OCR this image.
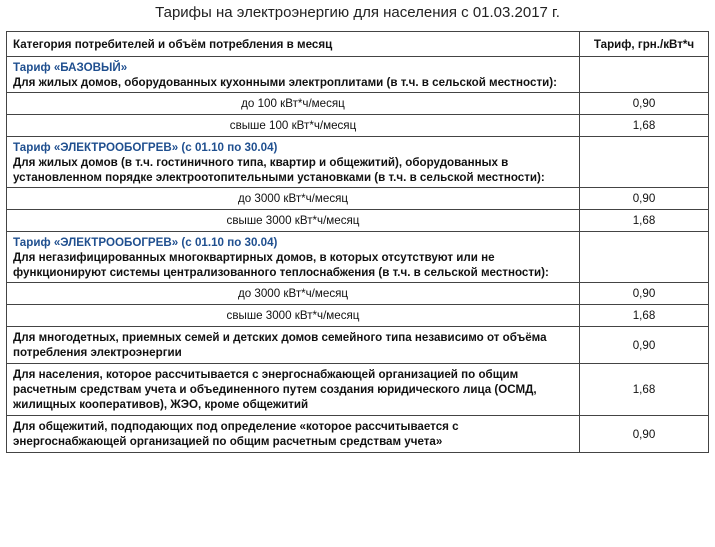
Тарифы на электроэнергию для населения с 01.03.2017 г.
Категория потребителей и объём потребления в месяц	Тариф, грн./кВт*ч

Тариф «БАЗОВЫЙ»
Для жилых домов, оборудованных кухонными электроплитами (в т.ч. в сельской местности):	
до 100 кВт*ч/месяц	0,90
свыше 100 кВт*ч/месяц	1,68

Тариф «ЭЛЕКТРООБОГРЕВ» (с 01.10 по 30.04)
Для жилых домов (в т.ч. гостиничного типа, квартир и общежитий), оборудованных в установленном порядке электроотопительными установками (в т.ч. в сельской местности):	
до 3000 кВт*ч/месяц	0,90
свыше 3000 кВт*ч/месяц	1,68

Тариф «ЭЛЕКТРООБОГРЕВ» (с 01.10 по 30.04)
Для негазифицированных многоквартирных домов, в которых отсутствуют или не функционируют системы централизованного теплоснабжения (в т.ч. в сельской местности):	
до 3000 кВт*ч/месяц	0,90
свыше 3000 кВт*ч/месяц	1,68
Для многодетных, приемных семей и детских домов семейного типа независимо от объёма потребления электроэнергии	0,90
Для населения, которое рассчитывается с энергоснабжающей организацией по общим расчетным средствам учета и объединенного путем создания юридического лица (ОСМД, жилищных кооперативов), ЖЭО, кроме общежитий	1,68
Для общежитий, подподающих под определение «которое рассчитывается с энергоснабжающей организацией по общим расчетным средствам учета»	0,90
